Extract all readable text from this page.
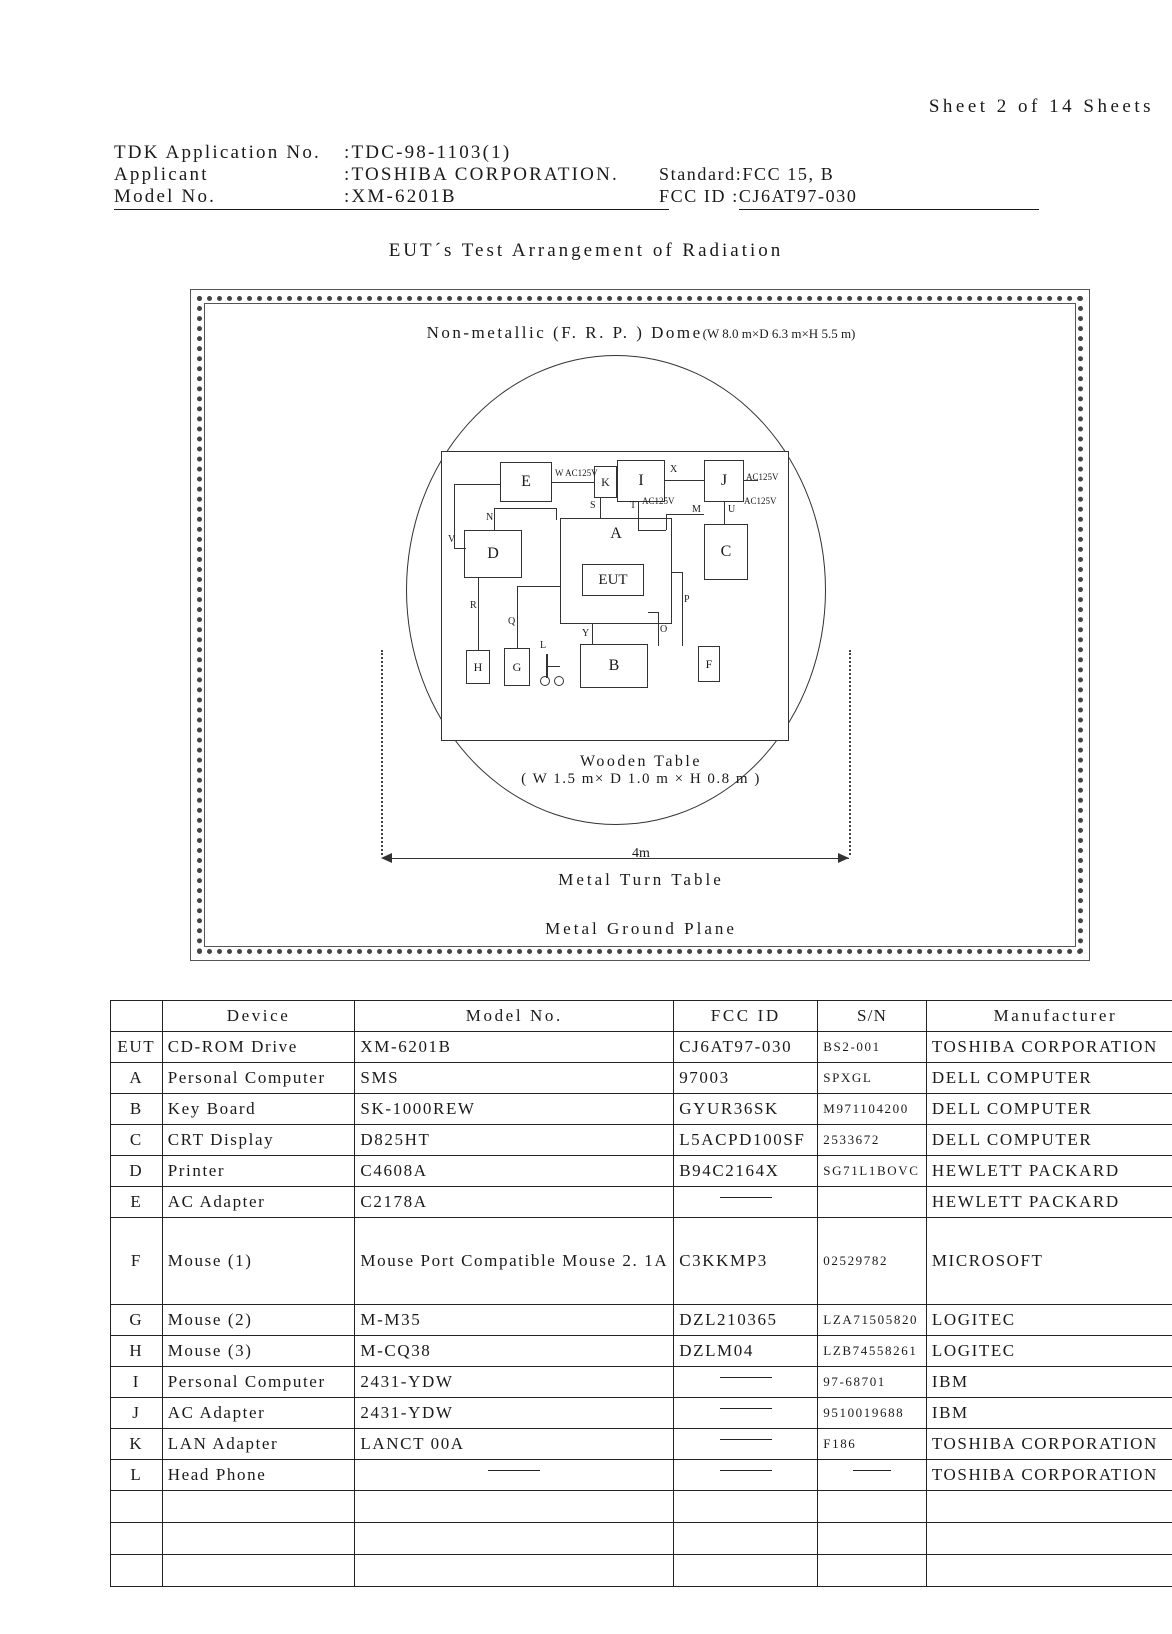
Sheet 2 of 14 Sheets
TDK Application No. :TDC-98-1103(1)
Applicant	:TOSHIBA CORPORATION.	Standard:FCC 15, B
Model No.	:XM-6201B	FCC ID :CJ6AT97-030
EUT´s Test Arrangement of Radiation
Non-metallic (F. R. P. ) Dome(W 8.0 m×D 6.3 m×H 5.5 m)
E	K	I	J
D
A
EUT
C
H	G	B	F
V
N
S
X
T	M	U
R
Q
L
Y	O
P
W AC125V	AC125V
AC125V	AC125V
Wooden Table
( W 1.5 m× D 1.0 m × H 0.8 m )
4m
Metal Turn Table
Metal Ground Plane
	Device	Model No.	FCC ID	S/N	Manufacturer
EUT	CD-ROM Drive	XM-6201B	CJ6AT97-030	BS2-001	TOSHIBA CORPORATION
A	Personal Computer	SMS	97003	SPXGL	DELL COMPUTER
B	Key Board	SK-1000REW	GYUR36SK	M971104200	DELL COMPUTER
C	CRT Display	D825HT	L5ACPD100SF	2533672	DELL COMPUTER
D	Printer	C4608A	B94C2164X	SG71L1BOVC	HEWLETT PACKARD
E	AC Adapter	C2178A			HEWLETT PACKARD
F	Mouse (1)	Mouse Port Compatible Mouse 2. 1A	C3KKMP3	02529782	MICROSOFT
G	Mouse (2)	M-M35	DZL210365	LZA71505820	LOGITEC
H	Mouse (3)	M-CQ38	DZLM04	LZB74558261	LOGITEC
I	Personal Computer	2431-YDW		97-68701	IBM
J	AC Adapter	2431-YDW		9510019688	IBM
K	LAN Adapter	LANCT 00A		F186	TOSHIBA CORPORATION
L	Head Phone				TOSHIBA CORPORATION
